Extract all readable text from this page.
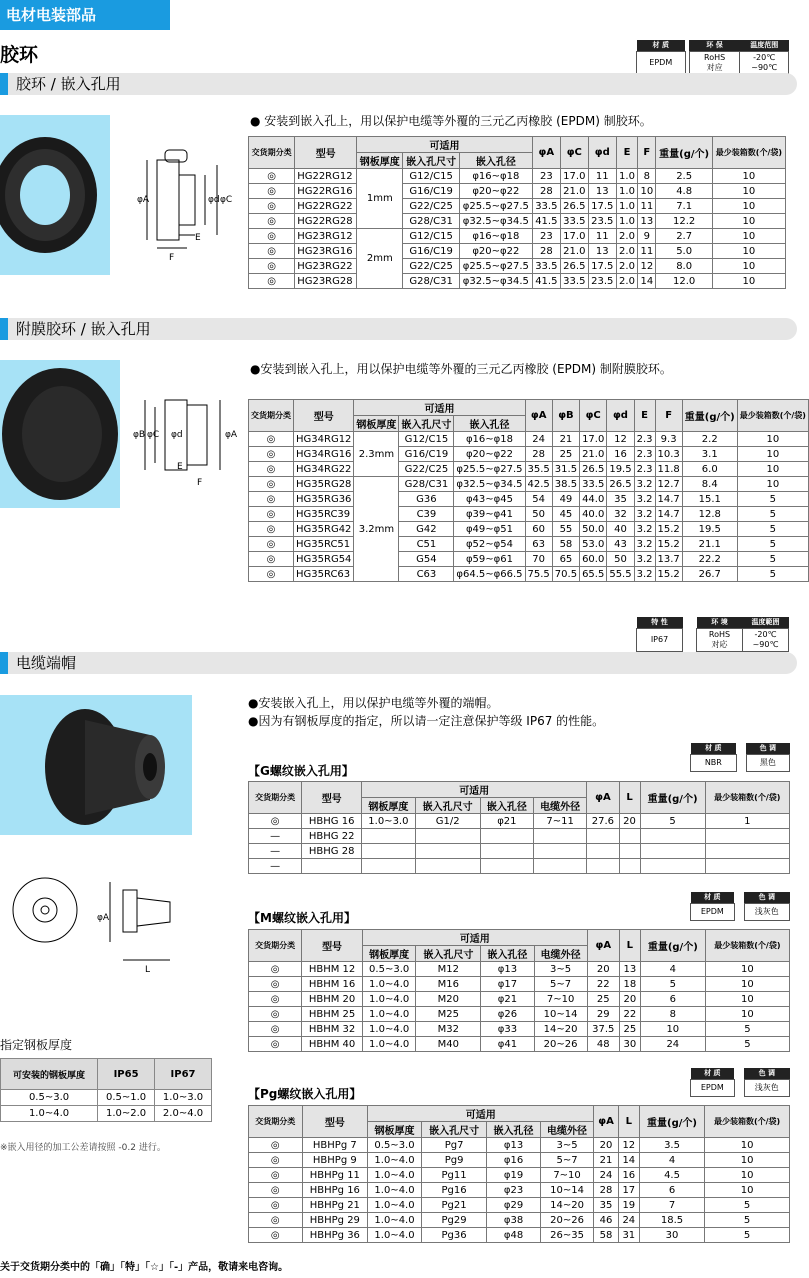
电材电装部品
胶环	材 质		环 保	温度范围
EPDM		RoHS
对应	-20℃
~90℃
胶环 / 嵌入孔用
φA	φd φC
E
F
● 安装到嵌入孔上，用以保护电缆等外覆的三元乙丙橡胶 (EPDM) 制胶环。
交货期分类	型号	可适用			φA	φC	φd	E	F	重量(g/个)	最少装箱数(个/袋)
		钢板厚度	嵌入孔尺寸	嵌入孔径							
◎	HG22RG12	1mm	G12/C15	φ16~φ18	23	17.0	11	1.0	8	2.5	10
◎	HG22RG16		G16/C19	φ20~φ22	28	21.0	13	1.0	10	4.8	10
◎	HG22RG22		G22/C25	φ25.5~φ27.5	33.5	26.5	17.5	1.0	11	7.1	10
◎	HG22RG28		G28/C31	φ32.5~φ34.5	41.5	33.5	23.5	1.0	13	12.2	10
◎	HG23RG12	2mm	G12/C15	φ16~φ18	23	17.0	11	2.0	9	2.7	10
◎	HG23RG16		G16/C19	φ20~φ22	28	21.0	13	2.0	11	5.0	10
◎	HG23RG22		G22/C25	φ25.5~φ27.5	33.5	26.5	17.5	2.0	12	8.0	10
◎	HG23RG28		G28/C31	φ32.5~φ34.5	41.5	33.5	23.5	2.0	14	12.0	10
附膜胶环 / 嵌入孔用
φB φC φd	φA
E
F
●安装到嵌入孔上，用以保护电缆等外覆的三元乙丙橡胶 (EPDM) 制附膜胶环。
交货期分类	型号	可适用			φA	φB	φC	φd	E	F	重量(g/个)	最少装箱数(个/袋)
		钢板厚度	嵌入孔尺寸	嵌入孔径								
◎	HG34RG12	2.3mm	G12/C15	φ16~φ18	24	21	17.0	12	2.3	9.3	2.2	10
◎	HG34RG16		G16/C19	φ20~φ22	28	25	21.0	16	2.3	10.3	3.1	10
◎	HG34RG22		G22/C25	φ25.5~φ27.5	35.5	31.5	26.5	19.5	2.3	11.8	6.0	10
◎	HG35RG28	3.2mm	G28/C31	φ32.5~φ34.5	42.5	38.5	33.5	26.5	3.2	12.7	8.4	10
◎	HG35RG36		G36	φ43~φ45	54	49	44.0	35	3.2	14.7	15.1	5
◎	HG35RC39		C39	φ39~φ41	50	45	40.0	32	3.2	14.7	12.8	5
◎	HG35RG42		G42	φ49~φ51	60	55	50.0	40	3.2	15.2	19.5	5
◎	HG35RC51		C51	φ52~φ54	63	58	53.0	43	3.2	15.2	21.1	5
◎	HG35RG54		G54	φ59~φ61	70	65	60.0	50	3.2	13.7	22.2	5
◎	HG35RC63		C63	φ64.5~φ66.5	75.5	70.5	65.5	55.5	3.2	15.2	26.7	5
特 性		环 境	温度範囲
IP67		RoHS
对応	-20℃
~90℃
电缆端帽
φA
L
●安装嵌入孔上，用以保护电缆等外覆的端帽。
●因为有钢板厚度的指定，所以请一定注意保护等级 IP67 的性能。
材 质		色 调
NBR		黑色
【G螺纹嵌入孔用】
交货期分类	型号	可适用				φA	L	重量(g/个)	最少装箱数(个/袋)
		钢板厚度	嵌入孔尺寸	嵌入孔径	电缆外径				
◎	HBHG 16	1.0~3.0	G1/2	φ21	7~11	27.6	20	5	1
—	HBHG 22								
—	HBHG 28								
—									
材 质		色 调
EPDM		浅灰色
【M螺纹嵌入孔用】
交货期分类	型号	可适用				φA	L	重量(g/个)	最少装箱数(个/袋)
		钢板厚度	嵌入孔尺寸	嵌入孔径	电缆外径				
◎	HBHM 12	0.5~3.0	M12	φ13	3~5	20	13	4	10
◎	HBHM 16	1.0~4.0	M16	φ17	5~7	22	18	5	10
◎	HBHM 20	1.0~4.0	M20	φ21	7~10	25	20	6	10
◎	HBHM 25	1.0~4.0	M25	φ26	10~14	29	22	8	10
◎	HBHM 32	1.0~4.0	M32	φ33	14~20	37.5	25	10	5
◎	HBHM 40	1.0~4.0	M40	φ41	20~26	48	30	24	5
指定钢板厚度
可安装的钢板厚度	IP65	IP67
0.5~3.0	0.5~1.0	1.0~3.0
1.0~4.0	1.0~2.0	2.0~4.0
※嵌入用径的加工公差请按照 -0.2 进行。
材 质		色 调
EPDM		浅灰色
【Pg螺纹嵌入孔用】
交货期分类	型号	可适用				φA	L	重量(g/个)	最少装箱数(个/袋)
		钢板厚度	嵌入孔尺寸	嵌入孔径	电缆外径				
◎	HBHPg 7	0.5~3.0	Pg7	φ13	3~5	20	12	3.5	10
◎	HBHPg 9	1.0~4.0	Pg9	φ16	5~7	21	14	4	10
◎	HBHPg 11	1.0~4.0	Pg11	φ19	7~10	24	16	4.5	10
◎	HBHPg 16	1.0~4.0	Pg16	φ23	10~14	28	17	6	10
◎	HBHPg 21	1.0~4.0	Pg21	φ29	14~20	35	19	7	5
◎	HBHPg 29	1.0~4.0	Pg29	φ38	20~26	46	24	18.5	5
◎	HBHPg 36	1.0~4.0	Pg36	φ48	26~35	58	31	30	5
关于交货期分类中的「确」「特」「☆」「-」产品，敬请来电咨询。
